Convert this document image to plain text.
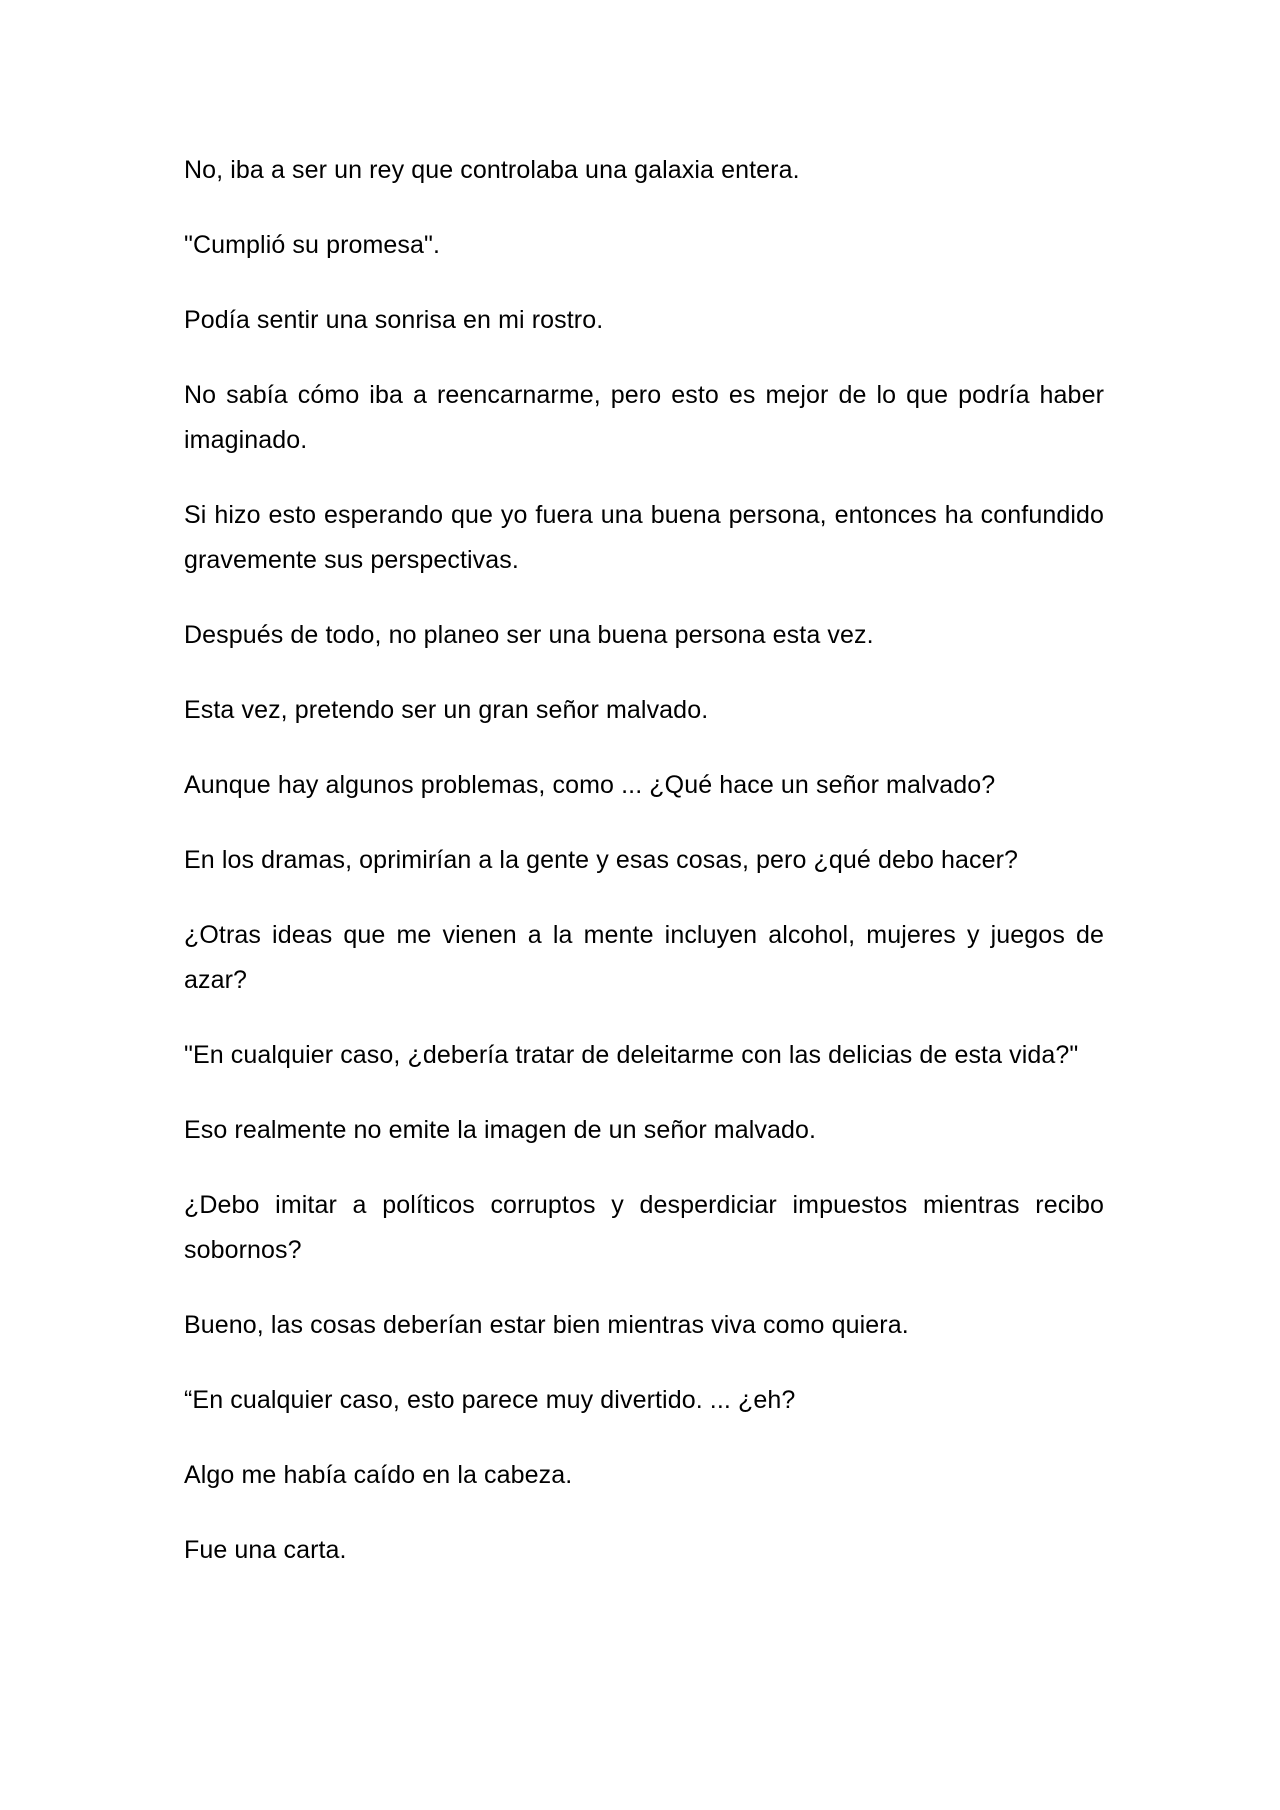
No, iba a ser un rey que controlaba una galaxia entera.

"Cumplió su promesa".

Podía sentir una sonrisa en mi rostro.

No sabía cómo iba a reencarnarme, pero esto es mejor de lo que podría haber imaginado.

Si hizo esto esperando que yo fuera una buena persona, entonces ha confundido gravemente sus perspectivas.

Después de todo, no planeo ser una buena persona esta vez.

Esta vez, pretendo ser un gran señor malvado.

Aunque hay algunos problemas, como ... ¿Qué hace un señor malvado?

En los dramas, oprimirían a la gente y esas cosas, pero ¿qué debo hacer?

¿Otras ideas que me vienen a la mente incluyen alcohol, mujeres y juegos de azar?

"En cualquier caso, ¿debería tratar de deleitarme con las delicias de esta vida?"

Eso realmente no emite la imagen de un señor malvado.

¿Debo imitar a políticos corruptos y desperdiciar impuestos mientras recibo sobornos?

Bueno, las cosas deberían estar bien mientras viva como quiera.

“En cualquier caso, esto parece muy divertido. ... ¿eh?

Algo me había caído en la cabeza.

Fue una carta.
